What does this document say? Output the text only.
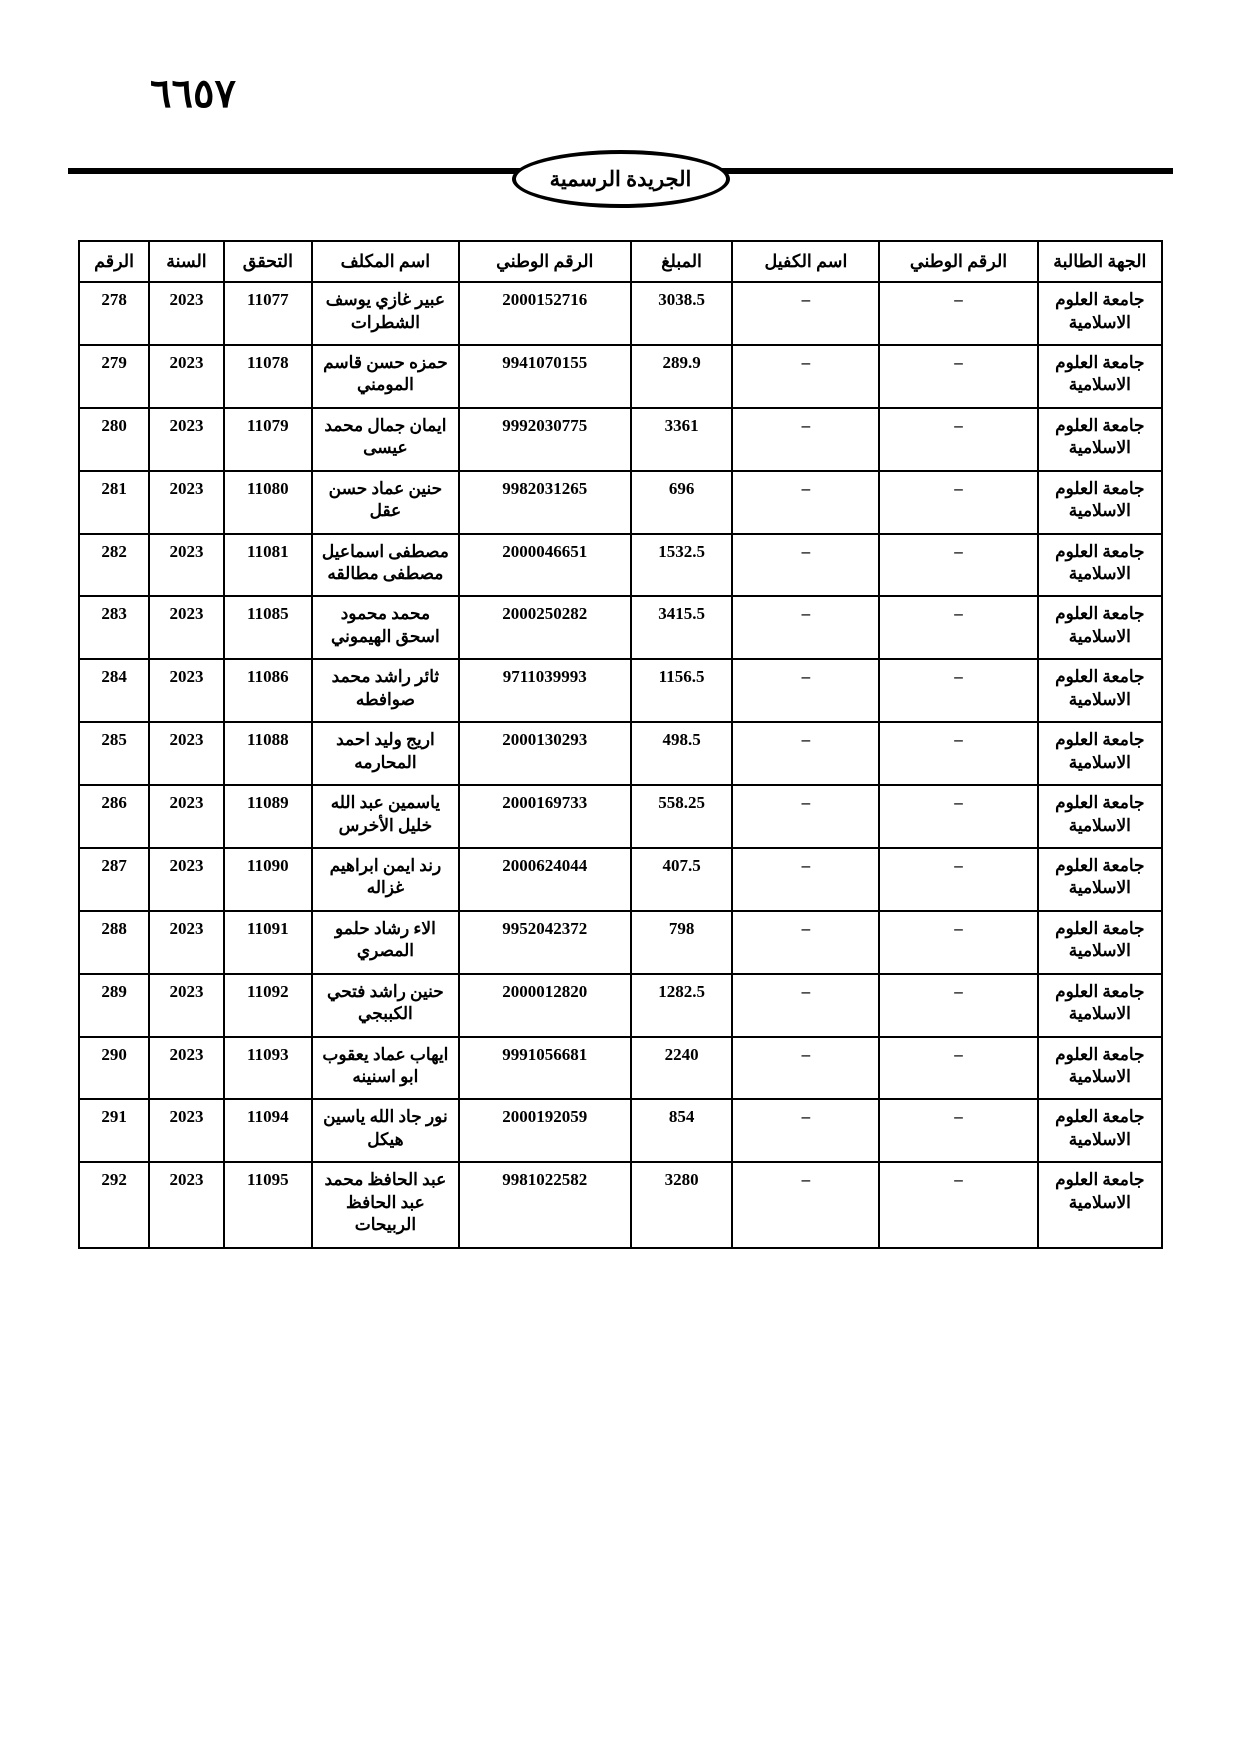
٦٦٥٧
الجريدة الرسمية
الجهة الطالبة	الرقم الوطني	اسم الكفيل	المبلغ	الرقم الوطني	اسم المكلف	التحقق	السنة	الرقم
جامعة العلوم الاسلامية	–	–	3038.5	2000152716	عبير غازي يوسف الشطرات	11077	2023	278
جامعة العلوم الاسلامية	–	–	289.9	9941070155	حمزه حسن قاسم المومني	11078	2023	279
جامعة العلوم الاسلامية	–	–	3361	9992030775	ايمان جمال محمد عيسى	11079	2023	280
جامعة العلوم الاسلامية	–	–	696	9982031265	حنين عماد حسن عقل	11080	2023	281
جامعة العلوم الاسلامية	–	–	1532.5	2000046651	مصطفى اسماعيل مصطفى مطالقه	11081	2023	282
جامعة العلوم الاسلامية	–	–	3415.5	2000250282	محمد محمود اسحق الهيموني	11085	2023	283
جامعة العلوم الاسلامية	–	–	1156.5	9711039993	ثائر راشد محمد صوافطه	11086	2023	284
جامعة العلوم الاسلامية	–	–	498.5	2000130293	اريج وليد احمد المحارمه	11088	2023	285
جامعة العلوم الاسلامية	–	–	558.25	2000169733	ياسمين عبد الله خليل الأخرس	11089	2023	286
جامعة العلوم الاسلامية	–	–	407.5	2000624044	رند ايمن ابراهيم غزاله	11090	2023	287
جامعة العلوم الاسلامية	–	–	798	9952042372	الاء رشاد حلمو المصري	11091	2023	288
جامعة العلوم الاسلامية	–	–	1282.5	2000012820	حنين راشد فتحي الكببجي	11092	2023	289
جامعة العلوم الاسلامية	–	–	2240	9991056681	ايهاب عماد يعقوب ابو اسنينه	11093	2023	290
جامعة العلوم الاسلامية	–	–	854	2000192059	نور جاد الله ياسين هيكل	11094	2023	291
جامعة العلوم الاسلامية	–	–	3280	9981022582	عبد الحافظ محمد عبد الحافظ الربيحات	11095	2023	292
